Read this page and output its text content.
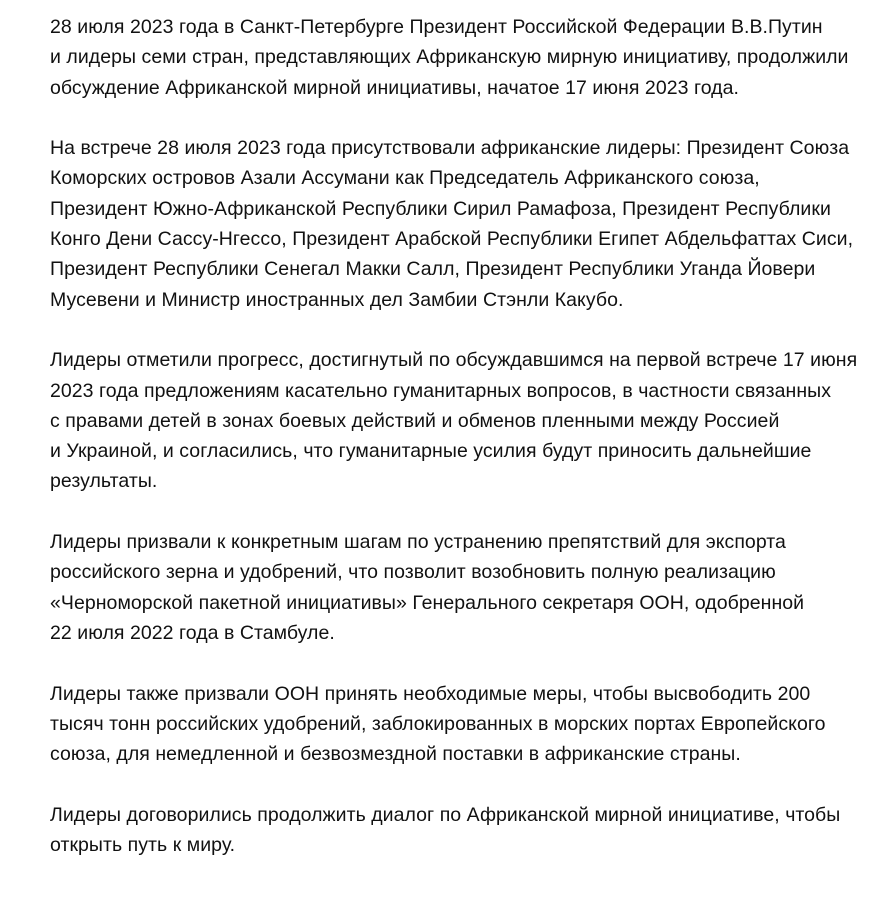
28 июля 2023 года в Санкт-Петербурге Президент Российской Федерации В.В.Путин
и лидеры семи стран, представляющих Африканскую мирную инициативу, продолжили
обсуждение Африканской мирной инициативы, начатое 17 июня 2023 года.

На встрече 28 июля 2023 года присутствовали африканские лидеры: Президент Союза
Коморских островов Азали Ассумани как Председатель Африканского союза,
Президент Южно-Африканской Республики Сирил Рамафоза, Президент Республики
Конго Дени Сассу-Нгессо, Президент Арабской Республики Египет Абдельфаттах Сиси,
Президент Республики Сенегал Макки Салл, Президент Республики Уганда Йовери
Мусевени и Министр иностранных дел Замбии Стэнли Какубо.

Лидеры отметили прогресс, достигнутый по обсуждавшимся на первой встрече 17 июня
2023 года предложениям касательно гуманитарных вопросов, в частности связанных
с правами детей в зонах боевых действий и обменов пленными между Россией
и Украиной, и согласились, что гуманитарные усилия будут приносить дальнейшие
результаты.

Лидеры призвали к конкретным шагам по устранению препятствий для экспорта
российского зерна и удобрений, что позволит возобновить полную реализацию
«Черноморской пакетной инициативы» Генерального секретаря ООН, одобренной
22 июля 2022 года в Стамбуле.

Лидеры также призвали ООН принять необходимые меры, чтобы высвободить 200
тысяч тонн российских удобрений, заблокированных в морских портах Европейского
союза, для немедленной и безвозмездной поставки в африканские страны.

Лидеры договорились продолжить диалог по Африканской мирной инициативе, чтобы
открыть путь к миру.
